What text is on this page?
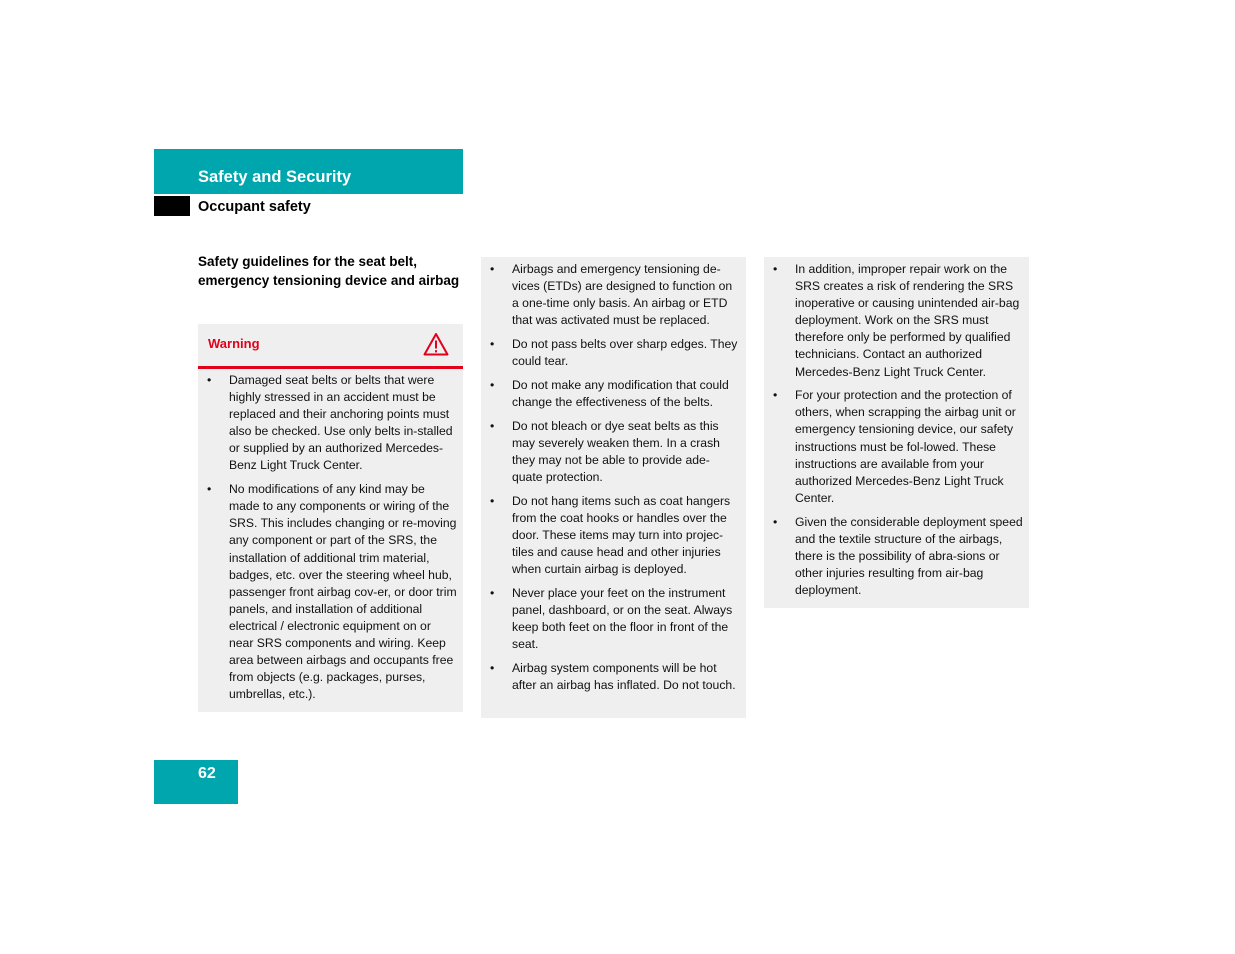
Safety and Security
Occupant safety
Safety guidelines for the seat belt, emergency tensioning device and airbag
Warning
• Damaged seat belts or belts that were highly stressed in an accident must be replaced and their anchoring points must also be checked. Use only belts in-stalled or supplied by an authorized Mercedes-Benz Light Truck Center.
• No modifications of any kind may be made to any components or wiring of the SRS. This includes changing or re-moving any component or part of the SRS, the installation of additional trim material, badges, etc. over the steering wheel hub, passenger front airbag cov-er, or door trim panels, and installation of additional electrical / electronic equipment on or near SRS components and wiring. Keep area between airbags and occupants free from objects (e.g. packages, purses, umbrellas, etc.).
• Airbags and emergency tensioning de-vices (ETDs) are designed to function on a one-time only basis. An airbag or ETD that was activated must be replaced.
• Do not pass belts over sharp edges. They could tear.
• Do not make any modification that could change the effectiveness of the belts.
• Do not bleach or dye seat belts as this may severely weaken them. In a crash they may not be able to provide ade-quate protection.
• Do not hang items such as coat hangers from the coat hooks or handles over the door. These items may turn into projec-tiles and cause head and other injuries when curtain airbag is deployed.
• Never place your feet on the instrument panel, dashboard, or on the seat. Always keep both feet on the floor in front of the seat.
• Airbag system components will be hot after an airbag has inflated. Do not touch.
• In addition, improper repair work on the SRS creates a risk of rendering the SRS inoperative or causing unintended air-bag deployment. Work on the SRS must therefore only be performed by qualified technicians. Contact an authorized Mercedes-Benz Light Truck Center.
• For your protection and the protection of others, when scrapping the airbag unit or emergency tensioning device, our safety instructions must be fol-lowed. These instructions are available from your authorized Mercedes-Benz Light Truck Center.
• Given the considerable deployment speed and the textile structure of the airbags, there is the possibility of abra-sions or other injuries resulting from air-bag deployment.
62
